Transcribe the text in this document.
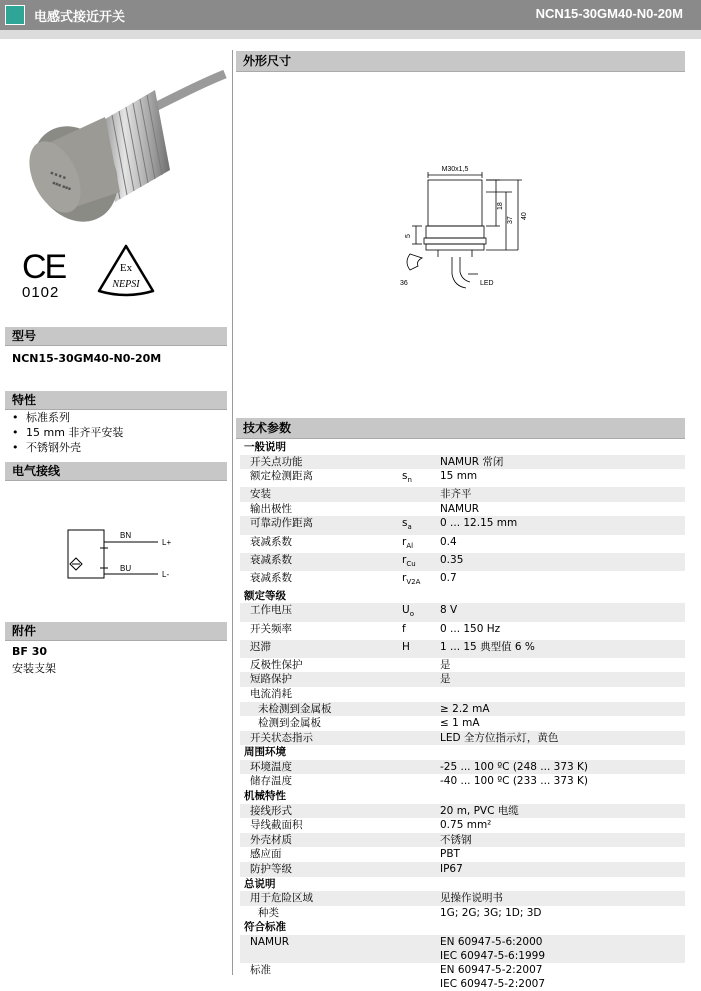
电感式接近开关	NCN15-30GM40-N0-20M
■ ■ ■ ■
■■■ ■■■
CE
0102
Ex
NEPSI
型号
NCN15-30GM40-N0-20M
特性
• 标准系列
• 15 mm 非齐平安装
• 不锈钢外壳
电气接线
BN
BU
L+
L-
附件
BF 30
安装支架
外形尺寸
M30x1,5
18
37
40
5
36	LED
技术参数
一般说明		
开关点功能		NAMUR 常闭

额定检测距离	$s_n$	15 mm

安装		非齐平

输出极性		NAMUR

可靠动作距离	$s_a$	0 ... 12.15 mm

衰减系数	$r_{Al}$	0.4

衰减系数	$r_{Cu}$	0.35

衰减系数	$r_{V2A}$	0.7

额定等级		
工作电压	$U_o$	8 V

开关频率	f	0 ... 150 Hz

迟滞	H	1 ... 15 典型值 6 %

反极性保护		是

短路保护		是

电流消耗		

未检测到金属板		≥ 2.2 mA

检测到金属板		≤ 1 mA

开关状态指示		LED 全方位指示灯，黄色

周围环境		
环境温度		-25 ... 100 ºC (248 ... 373 K)

储存温度		-40 ... 100 ºC (233 ... 373 K)

机械特性		
接线形式		20 m, PVC 电缆

导线截面积		0.75 mm²

外壳材质		不锈钢

感应面		PBT

防护等级		IP67

总说明		
用于危险区域		见操作说明书

种类		1G; 2G; 3G; 1D; 3D

符合标准		
NAMUR		EN 60947-5-6:2000
IEC 60947-5-6:1999

标准		EN 60947-5-2:2007
IEC 60947-5-2:2007
